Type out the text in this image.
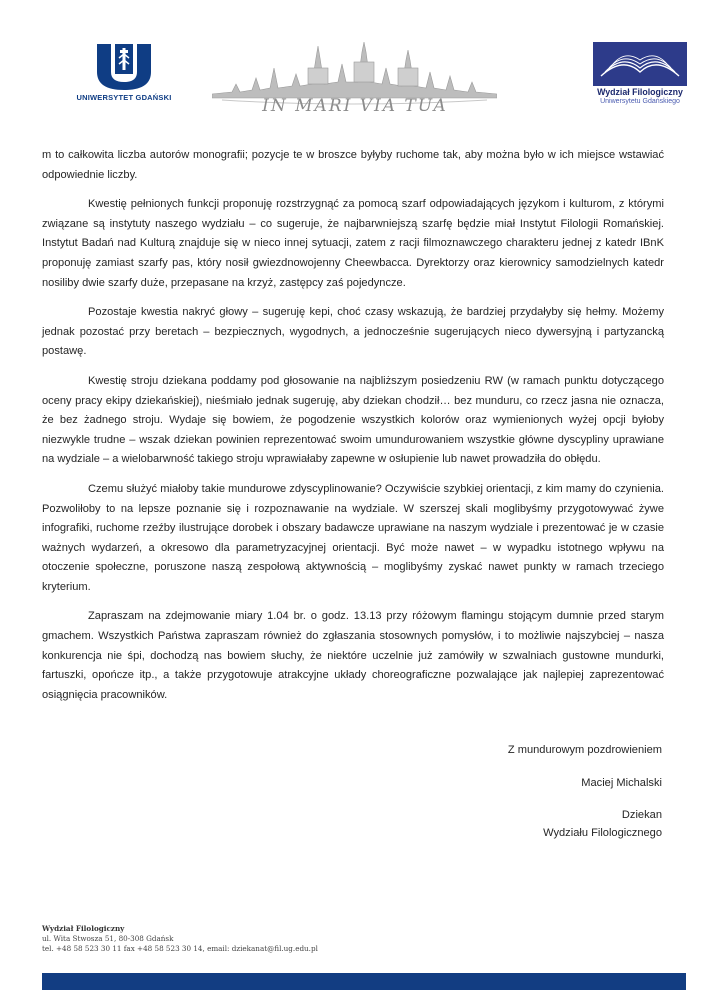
UNIWERSYTET GDAŃSKI	IN MARI VIA TUA
Wydział Filologiczny
Uniwersytetu Gdańskiego

m to całkowita liczba autorów monografii; pozycje te w broszce byłyby ruchome tak, aby można było w ich miejsce wstawiać odpowiednie liczby.

Kwestię pełnionych funkcji proponuję rozstrzygnąć za pomocą szarf odpowiadających językom i kulturom, z którymi związane są instytuty naszego wydziału – co sugeruje, że najbarwniejszą szarfę będzie miał Instytut Filologii Romańskiej. Instytut Badań nad Kulturą znajduje się w nieco innej sytuacji, zatem z racji filmoznawczego charakteru jednej z katedr IBnK proponuję zamiast szarfy pas, który nosił gwiezdnowojenny Cheewbacca. Dyrektorzy oraz kierownicy samodzielnych katedr nosiliby dwie szarfy duże, przepasane na krzyż, zastępcy zaś pojedyncze.

Pozostaje kwestia nakryć głowy – sugeruję kepi, choć czasy wskazują, że bardziej przydałyby się hełmy. Możemy jednak pozostać przy beretach – bezpiecznych, wygodnych, a jednocześnie sugerujących nieco dywersyjną i partyzancką postawę.

Kwestię stroju dziekana poddamy pod głosowanie na najbliższym posiedzeniu RW (w ramach punktu dotyczącego oceny pracy ekipy dziekańskiej), nieśmiało jednak sugeruję, aby dziekan chodził… bez munduru, co rzecz jasna nie oznacza, że bez żadnego stroju. Wydaje się bowiem, że pogodzenie wszystkich kolorów oraz wymienionych wyżej opcji byłoby niezwykle trudne – wszak dziekan powinien reprezentować swoim umundurowaniem wszystkie główne dyscypliny uprawiane na wydziale – a wielobarwność takiego stroju wprawiałaby zapewne w osłupienie lub nawet prowadziła do obłędu.

Czemu służyć miałoby takie mundurowe zdyscyplinowanie? Oczywiście szybkiej orientacji, z kim mamy do czynienia. Pozwoliłoby to na lepsze poznanie się i rozpoznawanie na wydziale. W szerszej skali moglibyśmy przygotowywać żywe infografiki, ruchome rzeźby ilustrujące dorobek i obszary badawcze uprawiane na naszym wydziale i prezentować je w czasie ważnych wydarzeń, a okresowo dla parametryzacyjnej orientacji. Być może nawet – w wypadku istotnego wpływu na otoczenie społeczne, poruszone naszą zespołową aktywnością – moglibyśmy zyskać nawet punkty w ramach trzeciego kryterium.

Zapraszam na zdejmowanie miary 1.04 br. o godz. 13.13 przy różowym flamingu stojącym dumnie przed starym gmachem. Wszystkich Państwa zapraszam również do zgłaszania stosownych pomysłów, i to możliwie najszybciej – nasza konkurencja nie śpi, dochodzą nas bowiem słuchy, że niektóre uczelnie już zamówiły w szwalniach gustowne mundurki, fartuszki, opończe itp., a także przygotowuje atrakcyjne układy choreograficzne pozwalające jak najlepiej zaprezentować osiągnięcia pracowników.

Z mundurowym pozdrowieniem
Maciej Michalski
Dziekan
Wydziału Filologicznego
Wydział Filologiczny
ul. Wita Stwosza 51, 80-308 Gdańsk
tel. +48 58 523 30 11 fax +48 58 523 30 14, email: dziekanat@fil.ug.edu.pl
